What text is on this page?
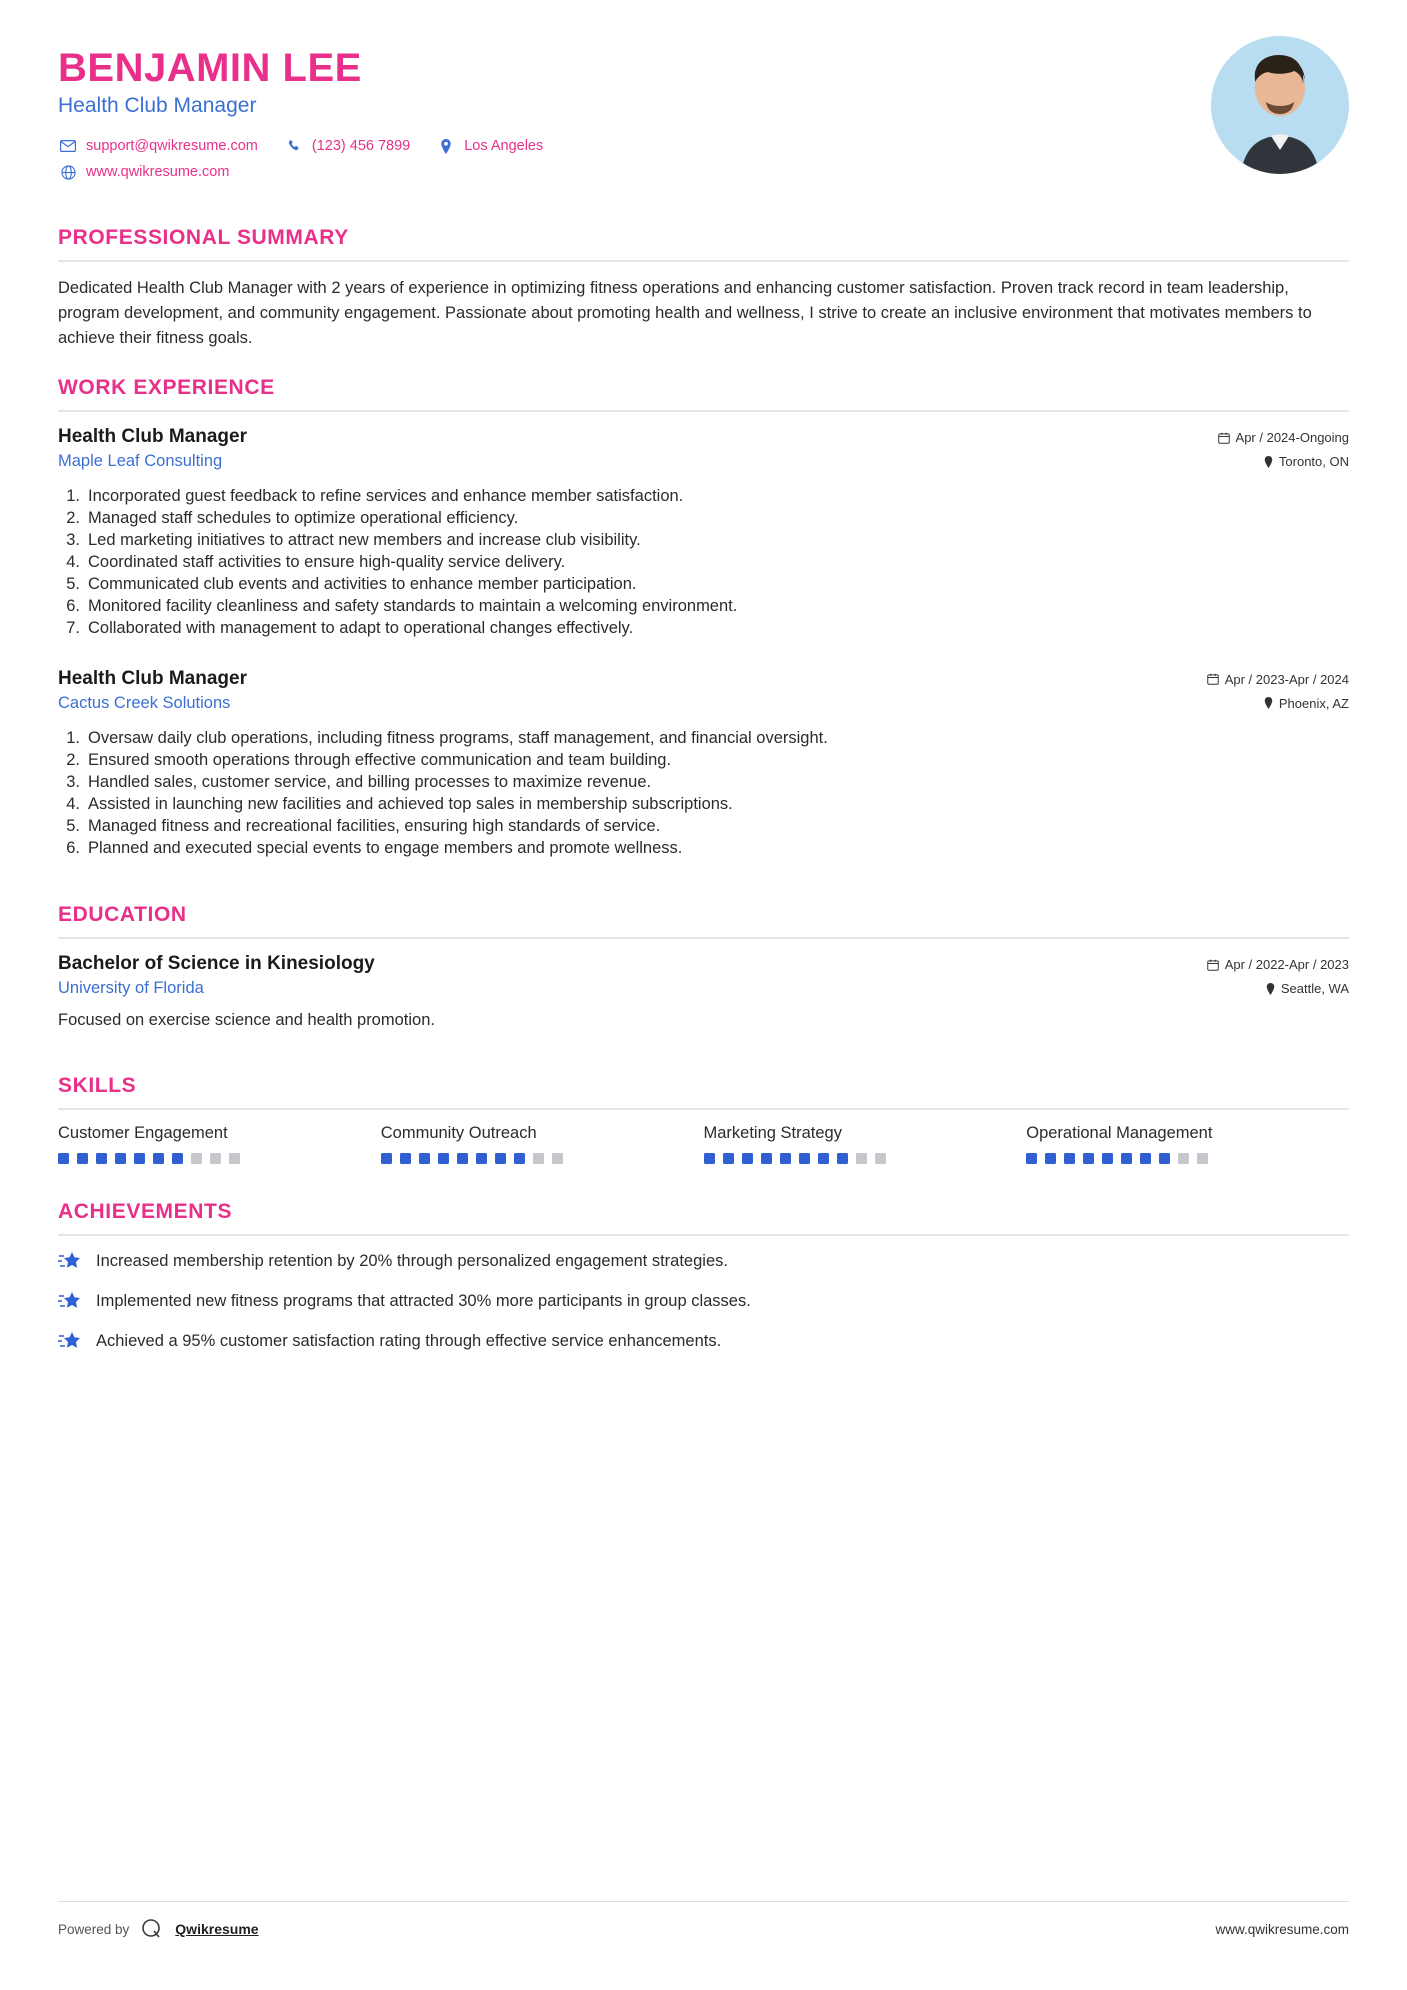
BENJAMIN LEE
Health Club Manager
support@qwikresume.com	(123) 456 7899	Los Angeles
www.qwikresume.com
PROFESSIONAL SUMMARY

Dedicated Health Club Manager with 2 years of experience in optimizing fitness operations and enhancing customer satisfaction. Proven track record in team leadership, program development, and community engagement. Passionate about promoting health and wellness, I strive to create an inclusive environment that motivates members to achieve their fitness goals.

WORK EXPERIENCE
Health Club Manager
Maple Leaf Consulting
Apr / 2024-Ongoing
Toronto, ON
1. Incorporated guest feedback to refine services and enhance member satisfaction.
2. Managed staff schedules to optimize operational efficiency.
3. Led marketing initiatives to attract new members and increase club visibility.
4. Coordinated staff activities to ensure high-quality service delivery.
5. Communicated club events and activities to enhance member participation.
6. Monitored facility cleanliness and safety standards to maintain a welcoming environment.
7. Collaborated with management to adapt to operational changes effectively.
Health Club Manager
Cactus Creek Solutions
Apr / 2023-Apr / 2024
Phoenix, AZ
1. Oversaw daily club operations, including fitness programs, staff management, and financial oversight.
2. Ensured smooth operations through effective communication and team building.
3. Handled sales, customer service, and billing processes to maximize revenue.
4. Assisted in launching new facilities and achieved top sales in membership subscriptions.
5. Managed fitness and recreational facilities, ensuring high standards of service.
6. Planned and executed special events to engage members and promote wellness.
EDUCATION
Bachelor of Science in Kinesiology
University of Florida
Apr / 2022-Apr / 2023
Seattle, WA

Focused on exercise science and health promotion.

SKILLS
Customer Engagement	Community Outreach	Marketing Strategy	Operational Management
ACHIEVEMENTS
Increased membership retention by 20% through personalized engagement strategies.
Implemented new fitness programs that attracted 30% more participants in group classes.
Achieved a 95% customer satisfaction rating through effective service enhancements.
Powered by	Qwikresume	www.qwikresume.com
